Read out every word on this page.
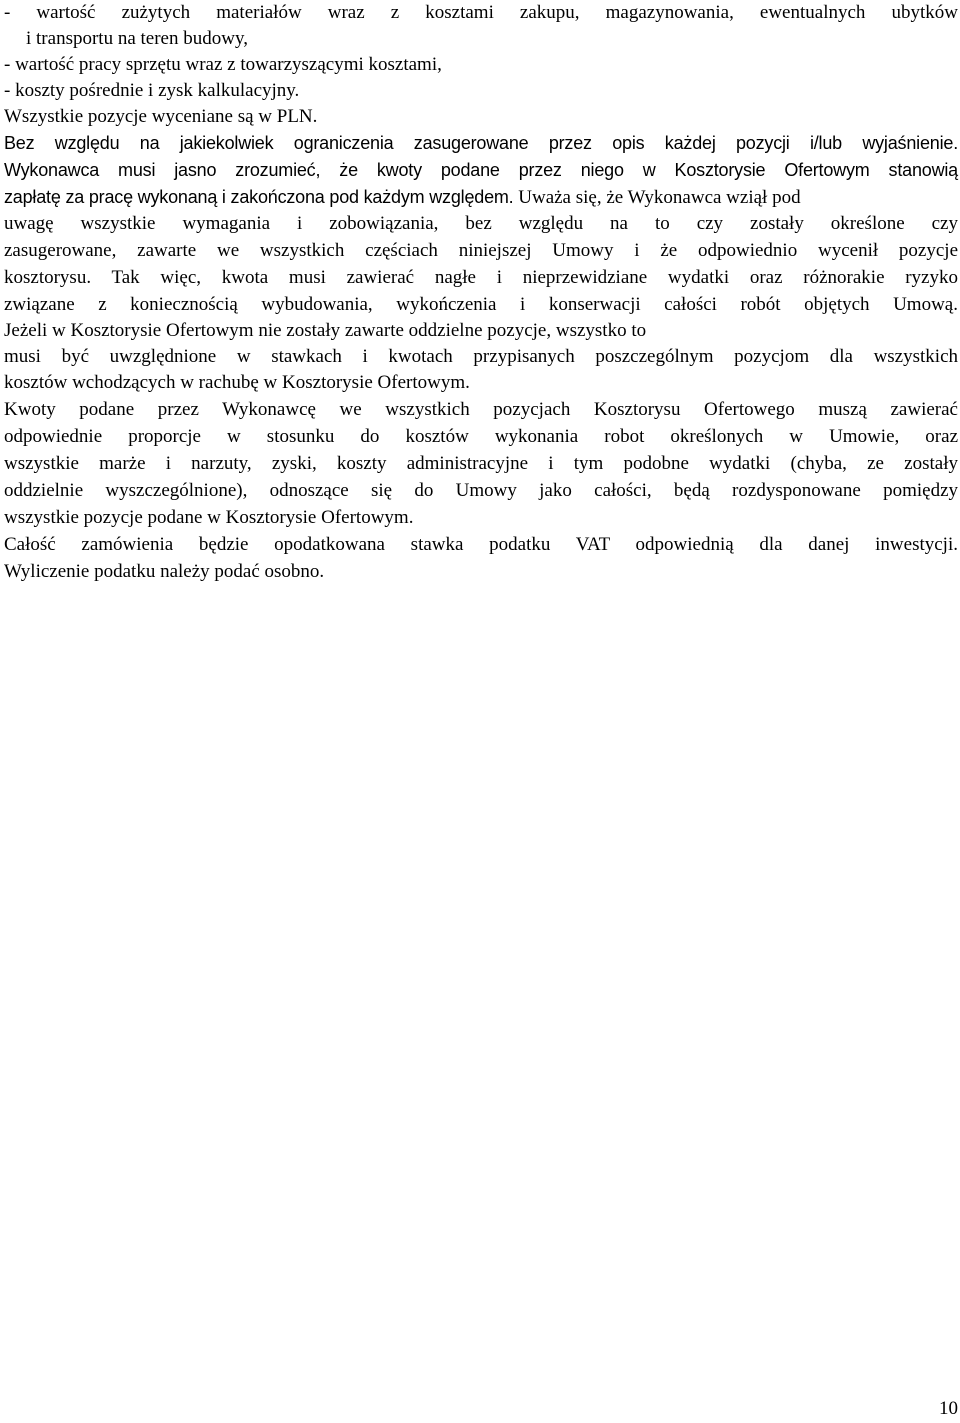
- wartość zużytych materiałów wraz z kosztami zakupu, magazynowania, ewentualnych ubytków
i transportu na teren budowy,
- wartość pracy sprzętu wraz z towarzyszącymi kosztami,
- koszty pośrednie i zysk kalkulacyjny.
Wszystkie pozycje wyceniane są w PLN.
Bez względu na jakiekolwiek ograniczenia zasugerowane przez opis każdej pozycji i/lub wyjaśnienie.
Wykonawca musi jasno zrozumieć, że kwoty podane przez niego w Kosztorysie Ofertowym stanowią
zapłatę za pracę wykonaną i zakończona pod każdym względem. Uważa się, że Wykonawca wziął pod
uwagę wszystkie wymagania i zobowiązania, bez względu na to czy zostały określone czy
zasugerowane, zawarte we wszystkich częściach niniejszej Umowy i że odpowiednio wycenił pozycje
kosztorysu. Tak więc, kwota musi zawierać nagłe i nieprzewidziane wydatki oraz różnorakie ryzyko
związane z koniecznością wybudowania, wykończenia i konserwacji całości robót objętych Umową.
Jeżeli w Kosztorysie Ofertowym nie zostały zawarte oddzielne pozycje, wszystko to
musi być uwzględnione w stawkach i kwotach przypisanych poszczególnym pozycjom dla wszystkich
kosztów wchodzących w rachubę w Kosztorysie Ofertowym.
Kwoty podane przez Wykonawcę we wszystkich pozycjach Kosztorysu Ofertowego muszą zawierać
odpowiednie proporcje w stosunku do kosztów wykonania robot określonych w Umowie, oraz
wszystkie marże i narzuty, zyski, koszty administracyjne i tym podobne wydatki (chyba, ze zostały
oddzielnie wyszczególnione), odnoszące się do Umowy jako całości, będą rozdysponowane pomiędzy
wszystkie pozycje podane w Kosztorysie Ofertowym.
Całość zamówienia będzie opodatkowana stawka podatku VAT odpowiednią dla danej inwestycji.
Wyliczenie podatku należy podać osobno.
10
